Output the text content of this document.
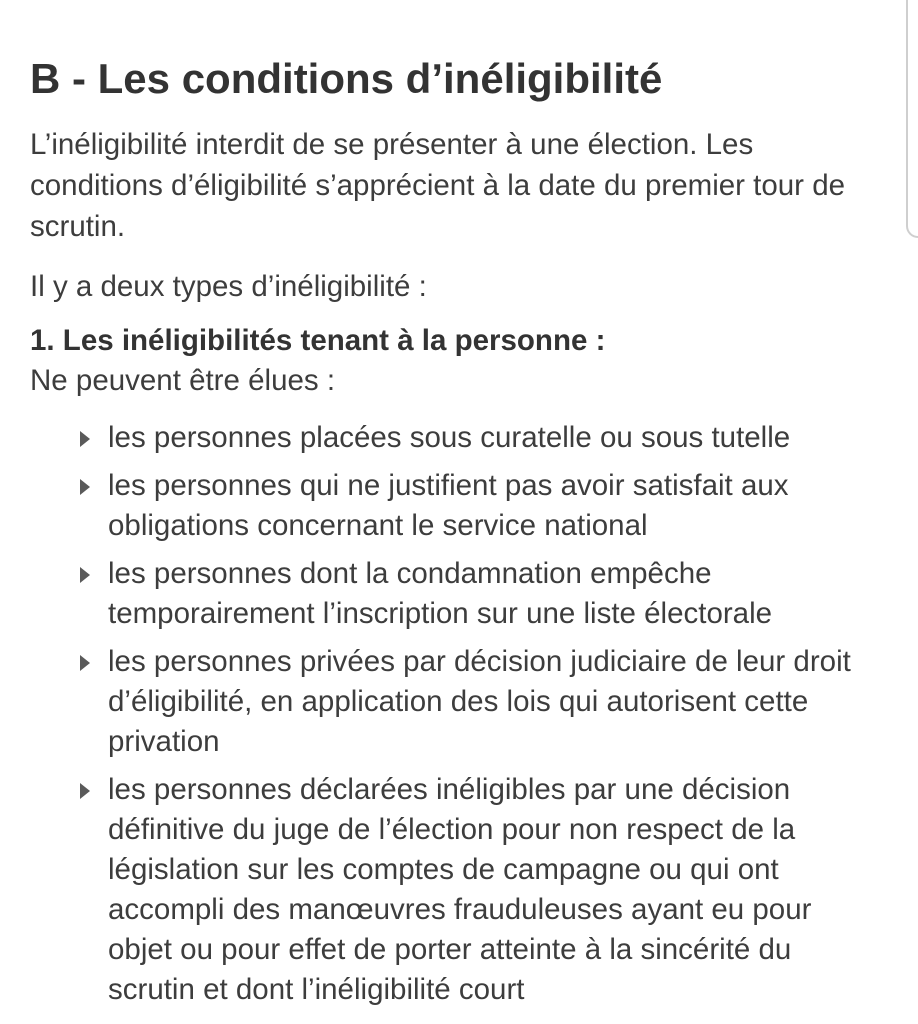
B - Les conditions d’inéligibilité

L’inéligibilité interdit de se présenter à une élection. Les conditions d’éligibilité s’apprécient à la date du premier tour de scrutin.

Il y a deux types d’inéligibilité :

1. Les inéligibilités tenant à la personne :

Ne peuvent être élues :

les personnes placées sous curatelle ou sous tutelle
les personnes qui ne justifient pas avoir satisfait aux obligations concernant le service national
les personnes dont la condamnation empêche temporairement l’inscription sur une liste électorale
les personnes privées par décision judiciaire de leur droit d’éligibilité, en application des lois qui autorisent cette privation
les personnes déclarées inéligibles par une décision définitive du juge de l’élection pour non respect de la législation sur les comptes de campagne ou qui ont accompli des manœuvres frauduleuses ayant eu pour objet ou pour effet de porter atteinte à la sincérité du scrutin et dont l’inéligibilité court
